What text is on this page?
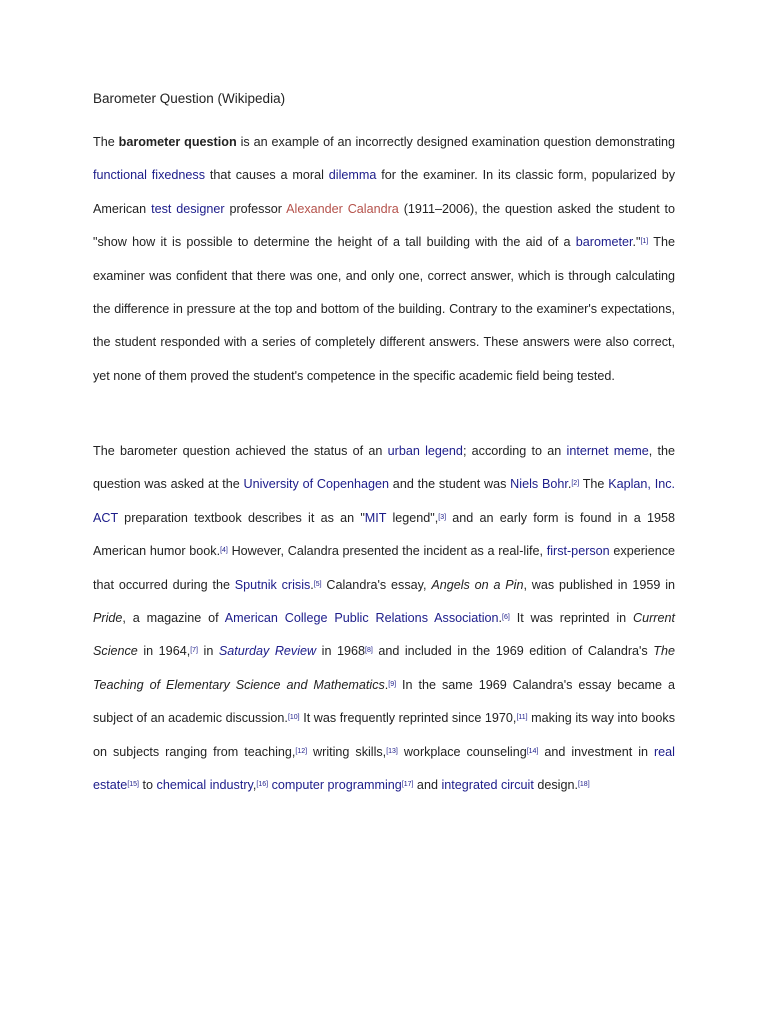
Barometer Question (Wikipedia)

The barometer question is an example of an incorrectly designed examination question demonstrating functional fixedness that causes a moral dilemma for the examiner. In its classic form, popularized by American test designer professor Alexander Calandra (1911–2006), the question asked the student to "show how it is possible to determine the height of a tall building with the aid of a barometer."[1] The examiner was confident that there was one, and only one, correct answer, which is through calculating the difference in pressure at the top and bottom of the building. Contrary to the examiner's expectations, the student responded with a series of completely different answers. These answers were also correct, yet none of them proved the student's competence in the specific academic field being tested.

The barometer question achieved the status of an urban legend; according to an internet meme, the question was asked at the University of Copenhagen and the student was Niels Bohr.[2] The Kaplan, Inc. ACT preparation textbook describes it as an "MIT legend",[3] and an early form is found in a 1958 American humor book.[4] However, Calandra presented the incident as a real-life, first-person experience that occurred during the Sputnik crisis.[5] Calandra's essay, Angels on a Pin, was published in 1959 in Pride, a magazine of American College Public Relations Association.[6] It was reprinted in Current Science in 1964,[7] in Saturday Review in 1968[8] and included in the 1969 edition of Calandra's The Teaching of Elementary Science and Mathematics.[9] In the same 1969 Calandra's essay became a subject of an academic discussion.[10] It was frequently reprinted since 1970,[11] making its way into books on subjects ranging from teaching,[12] writing skills,[13] workplace counseling[14] and investment in real estate[15] to chemical industry,[16] computer programming[17] and integrated circuit design.[18]
